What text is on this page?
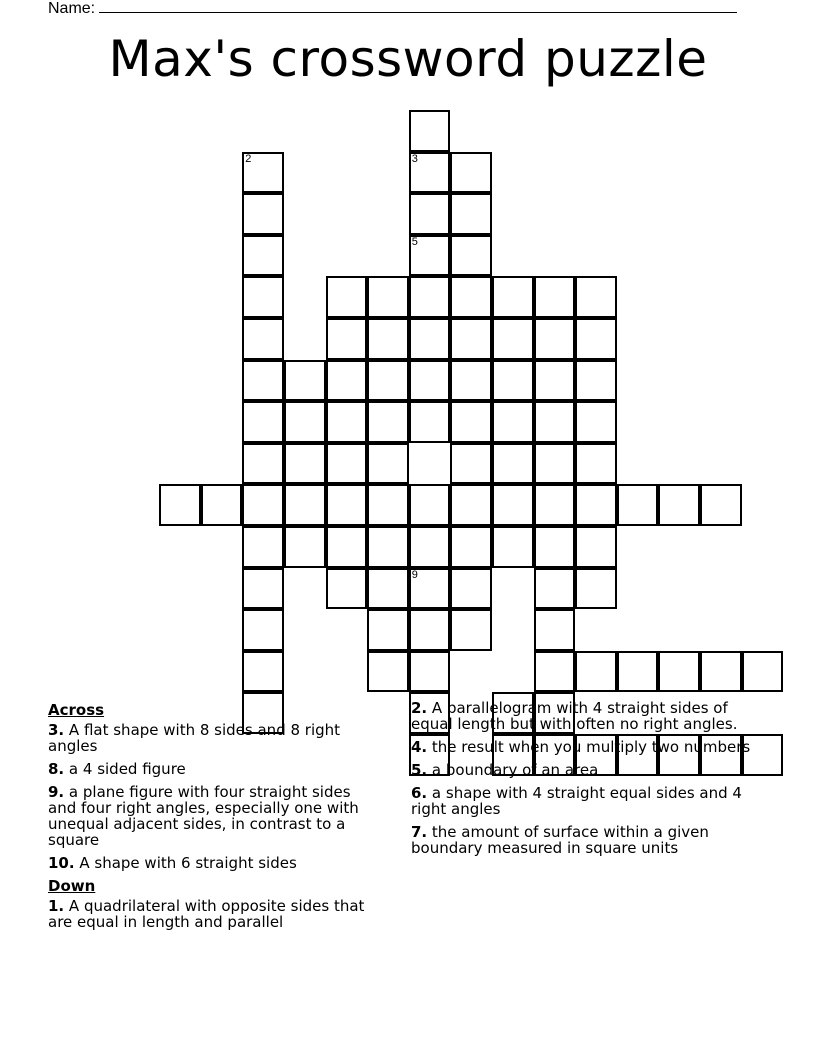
Name:
Max's crossword puzzle
2	3
5
9
Across
3. A flat shape with 8 sides and 8 right angles
8. a 4 sided figure
9. a plane figure with four straight sides and four right angles, especially one with unequal adjacent sides, in contrast to a square
10. A shape with 6 straight sides
Down
1. A quadrilateral with opposite sides that are equal in length and parallel
2. A parallelogram with 4 straight sides of equal length but with often no right angles.
4. the result when you multiply two numbers
5. a boundary of an area
6. a shape with 4 straight equal sides and 4 right angles
7. the amount of surface within a given boundary measured in square units
